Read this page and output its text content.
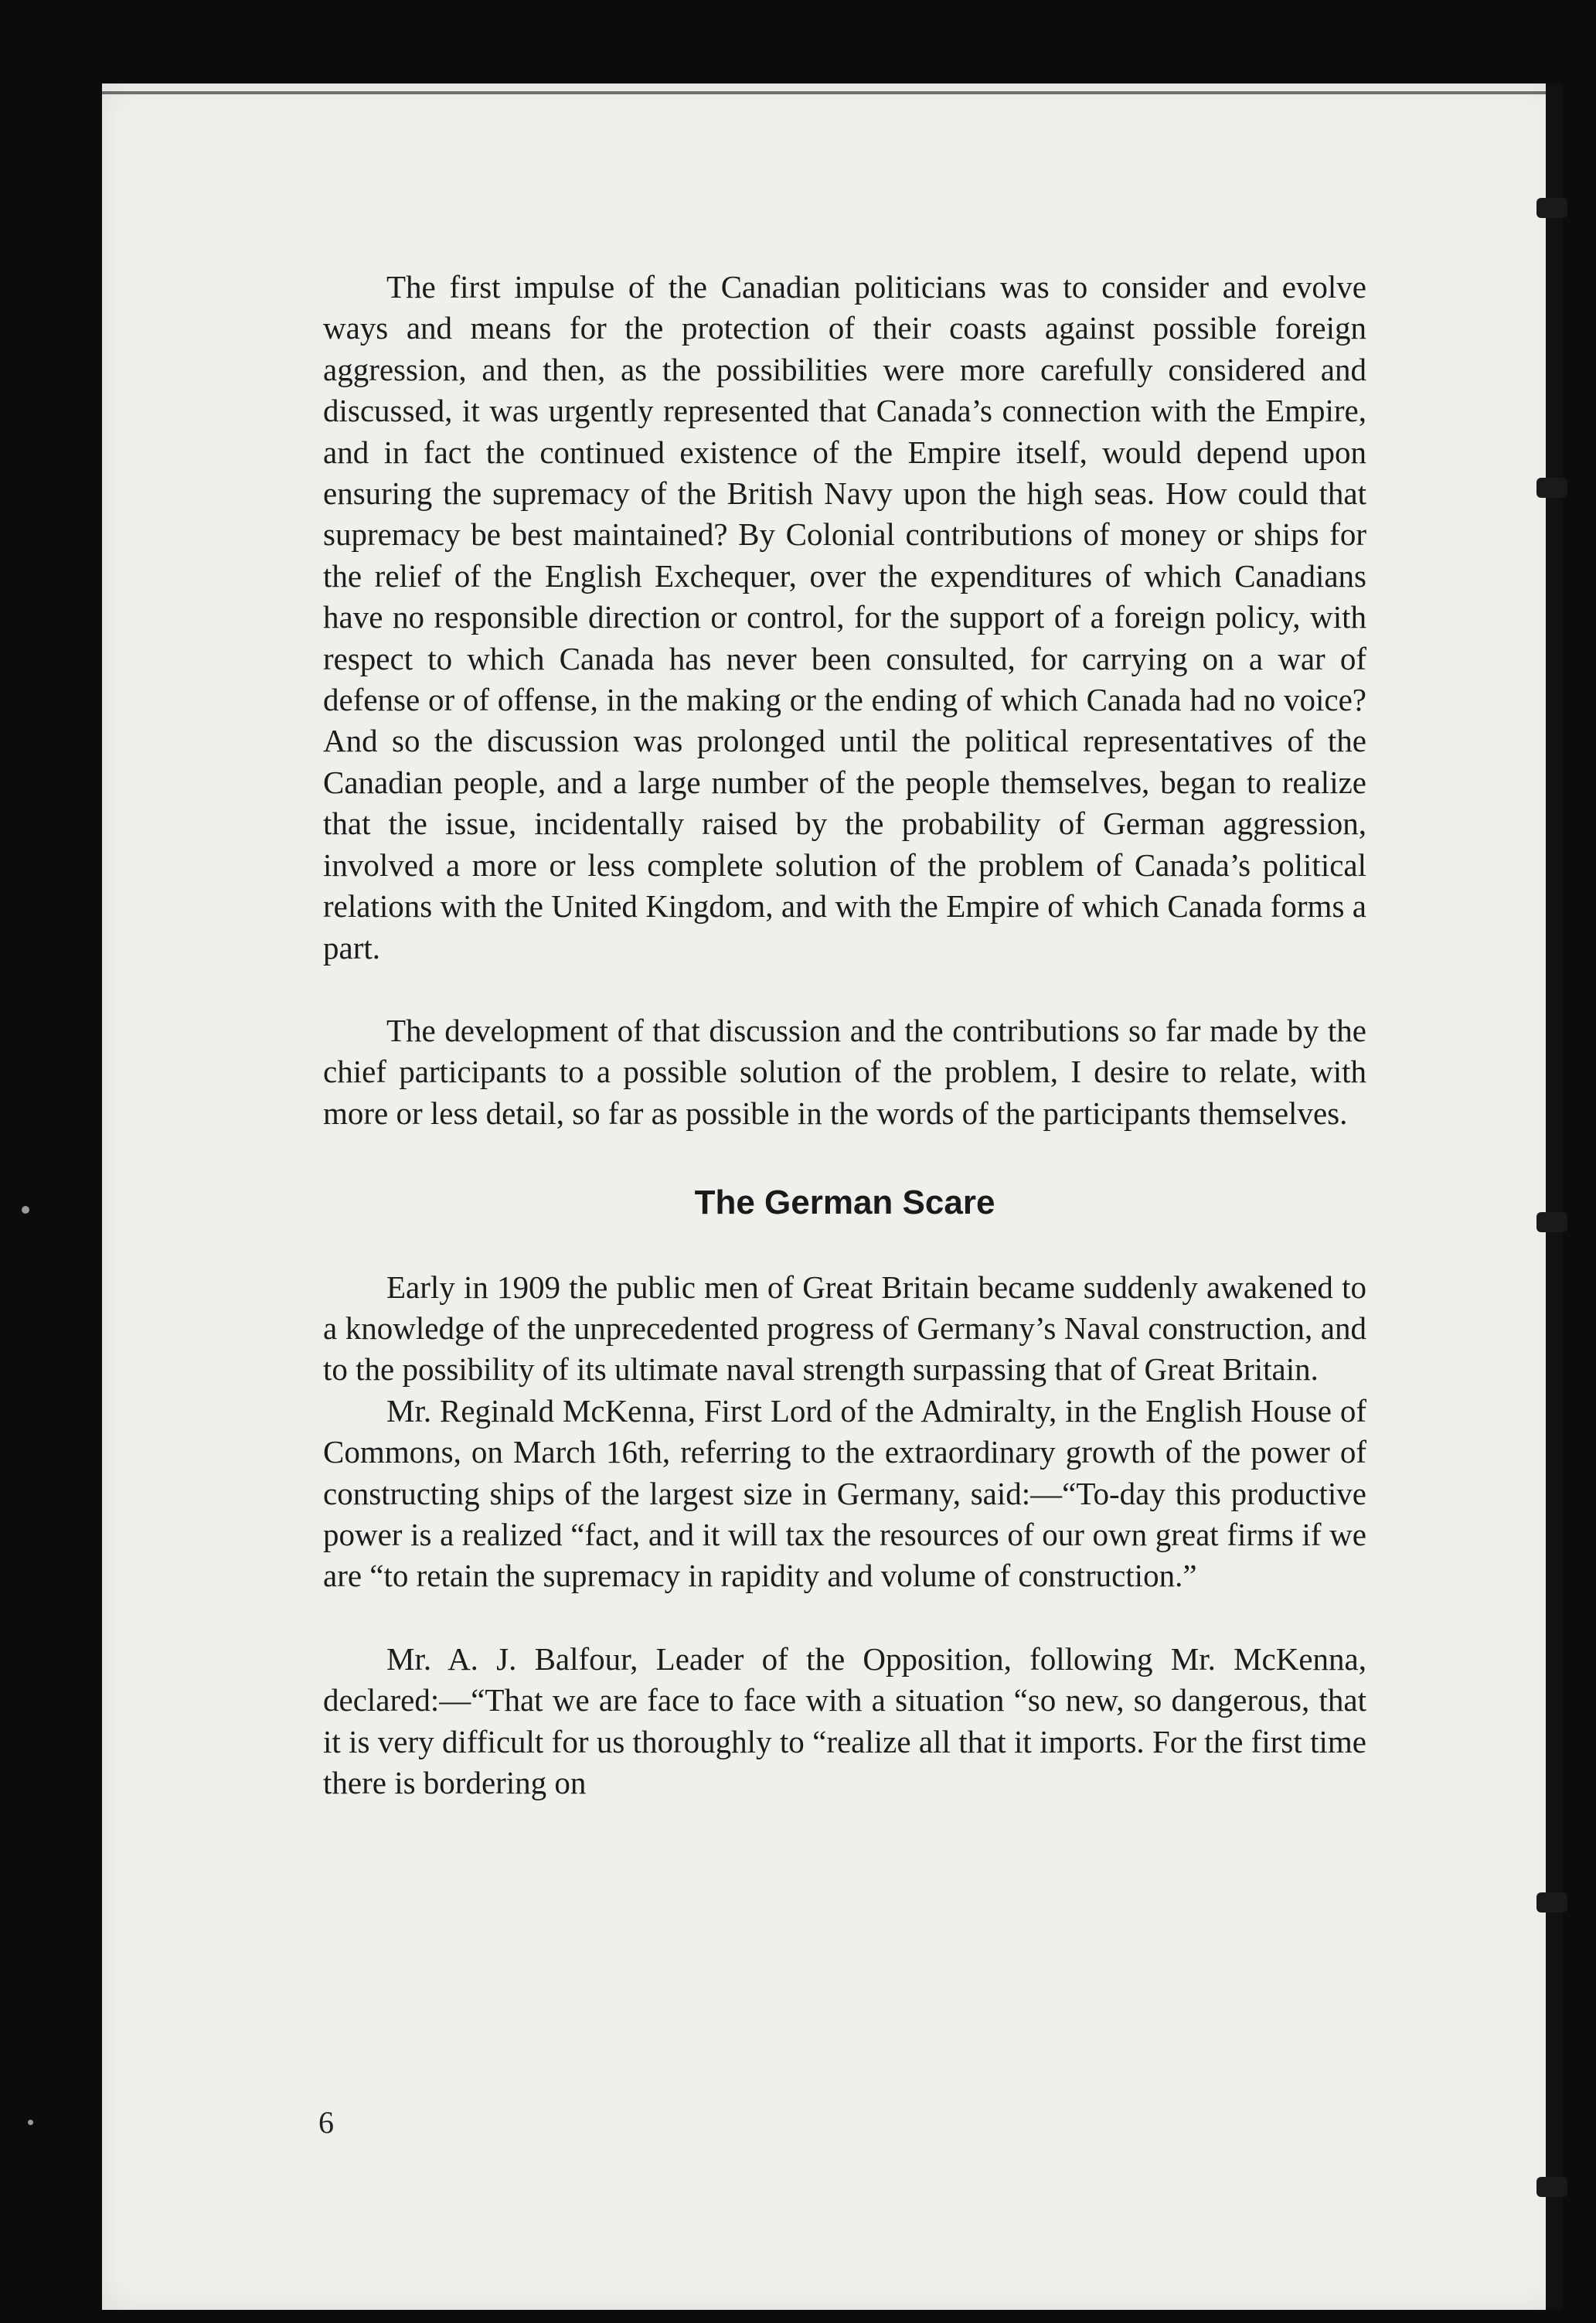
The first impulse of the Canadian politicians was to consider and evolve ways and means for the protection of their coasts against possible foreign aggression, and then, as the possibilities were more carefully considered and discussed, it was urgently represented that Canada’s connection with the Empire, and in fact the continued existence of the Empire itself, would depend upon ensuring the supremacy of the British Navy upon the high seas. How could that supremacy be best maintained? By Colonial contributions of money or ships for the relief of the English Exchequer, over the expenditures of which Canadians have no responsible direction or control, for the support of a foreign policy, with respect to which Canada has never been consulted, for carrying on a war of defense or of offense, in the making or the ending of which Canada had no voice? And so the discussion was prolonged until the political representatives of the Canadian people, and a large number of the people themselves, began to realize that the issue, incidentally raised by the probability of German aggression, involved a more or less complete solution of the problem of Canada’s political relations with the United Kingdom, and with the Empire of which Canada forms a part.

The development of that discussion and the contributions so far made by the chief participants to a possible solution of the problem, I desire to relate, with more or less detail, so far as possible in the words of the participants themselves.

The German Scare

Early in 1909 the public men of Great Britain became suddenly awakened to a knowledge of the unprecedented progress of Germany’s Naval construction, and to the possibility of its ultimate naval strength surpassing that of Great Britain.

Mr. Reginald McKenna, First Lord of the Admiralty, in the English House of Commons, on March 16th, referring to the extraordinary growth of the power of constructing ships of the largest size in Germany, said:—“To-day this productive power is a realized “fact, and it will tax the resources of our own great firms if we are “to retain the supremacy in rapidity and volume of construction.”

Mr. A. J. Balfour, Leader of the Opposition, following Mr. McKenna, declared:—“That we are face to face with a situation “so new, so dangerous, that it is very difficult for us thoroughly to “realize all that it imports. For the first time there is bordering on

6
